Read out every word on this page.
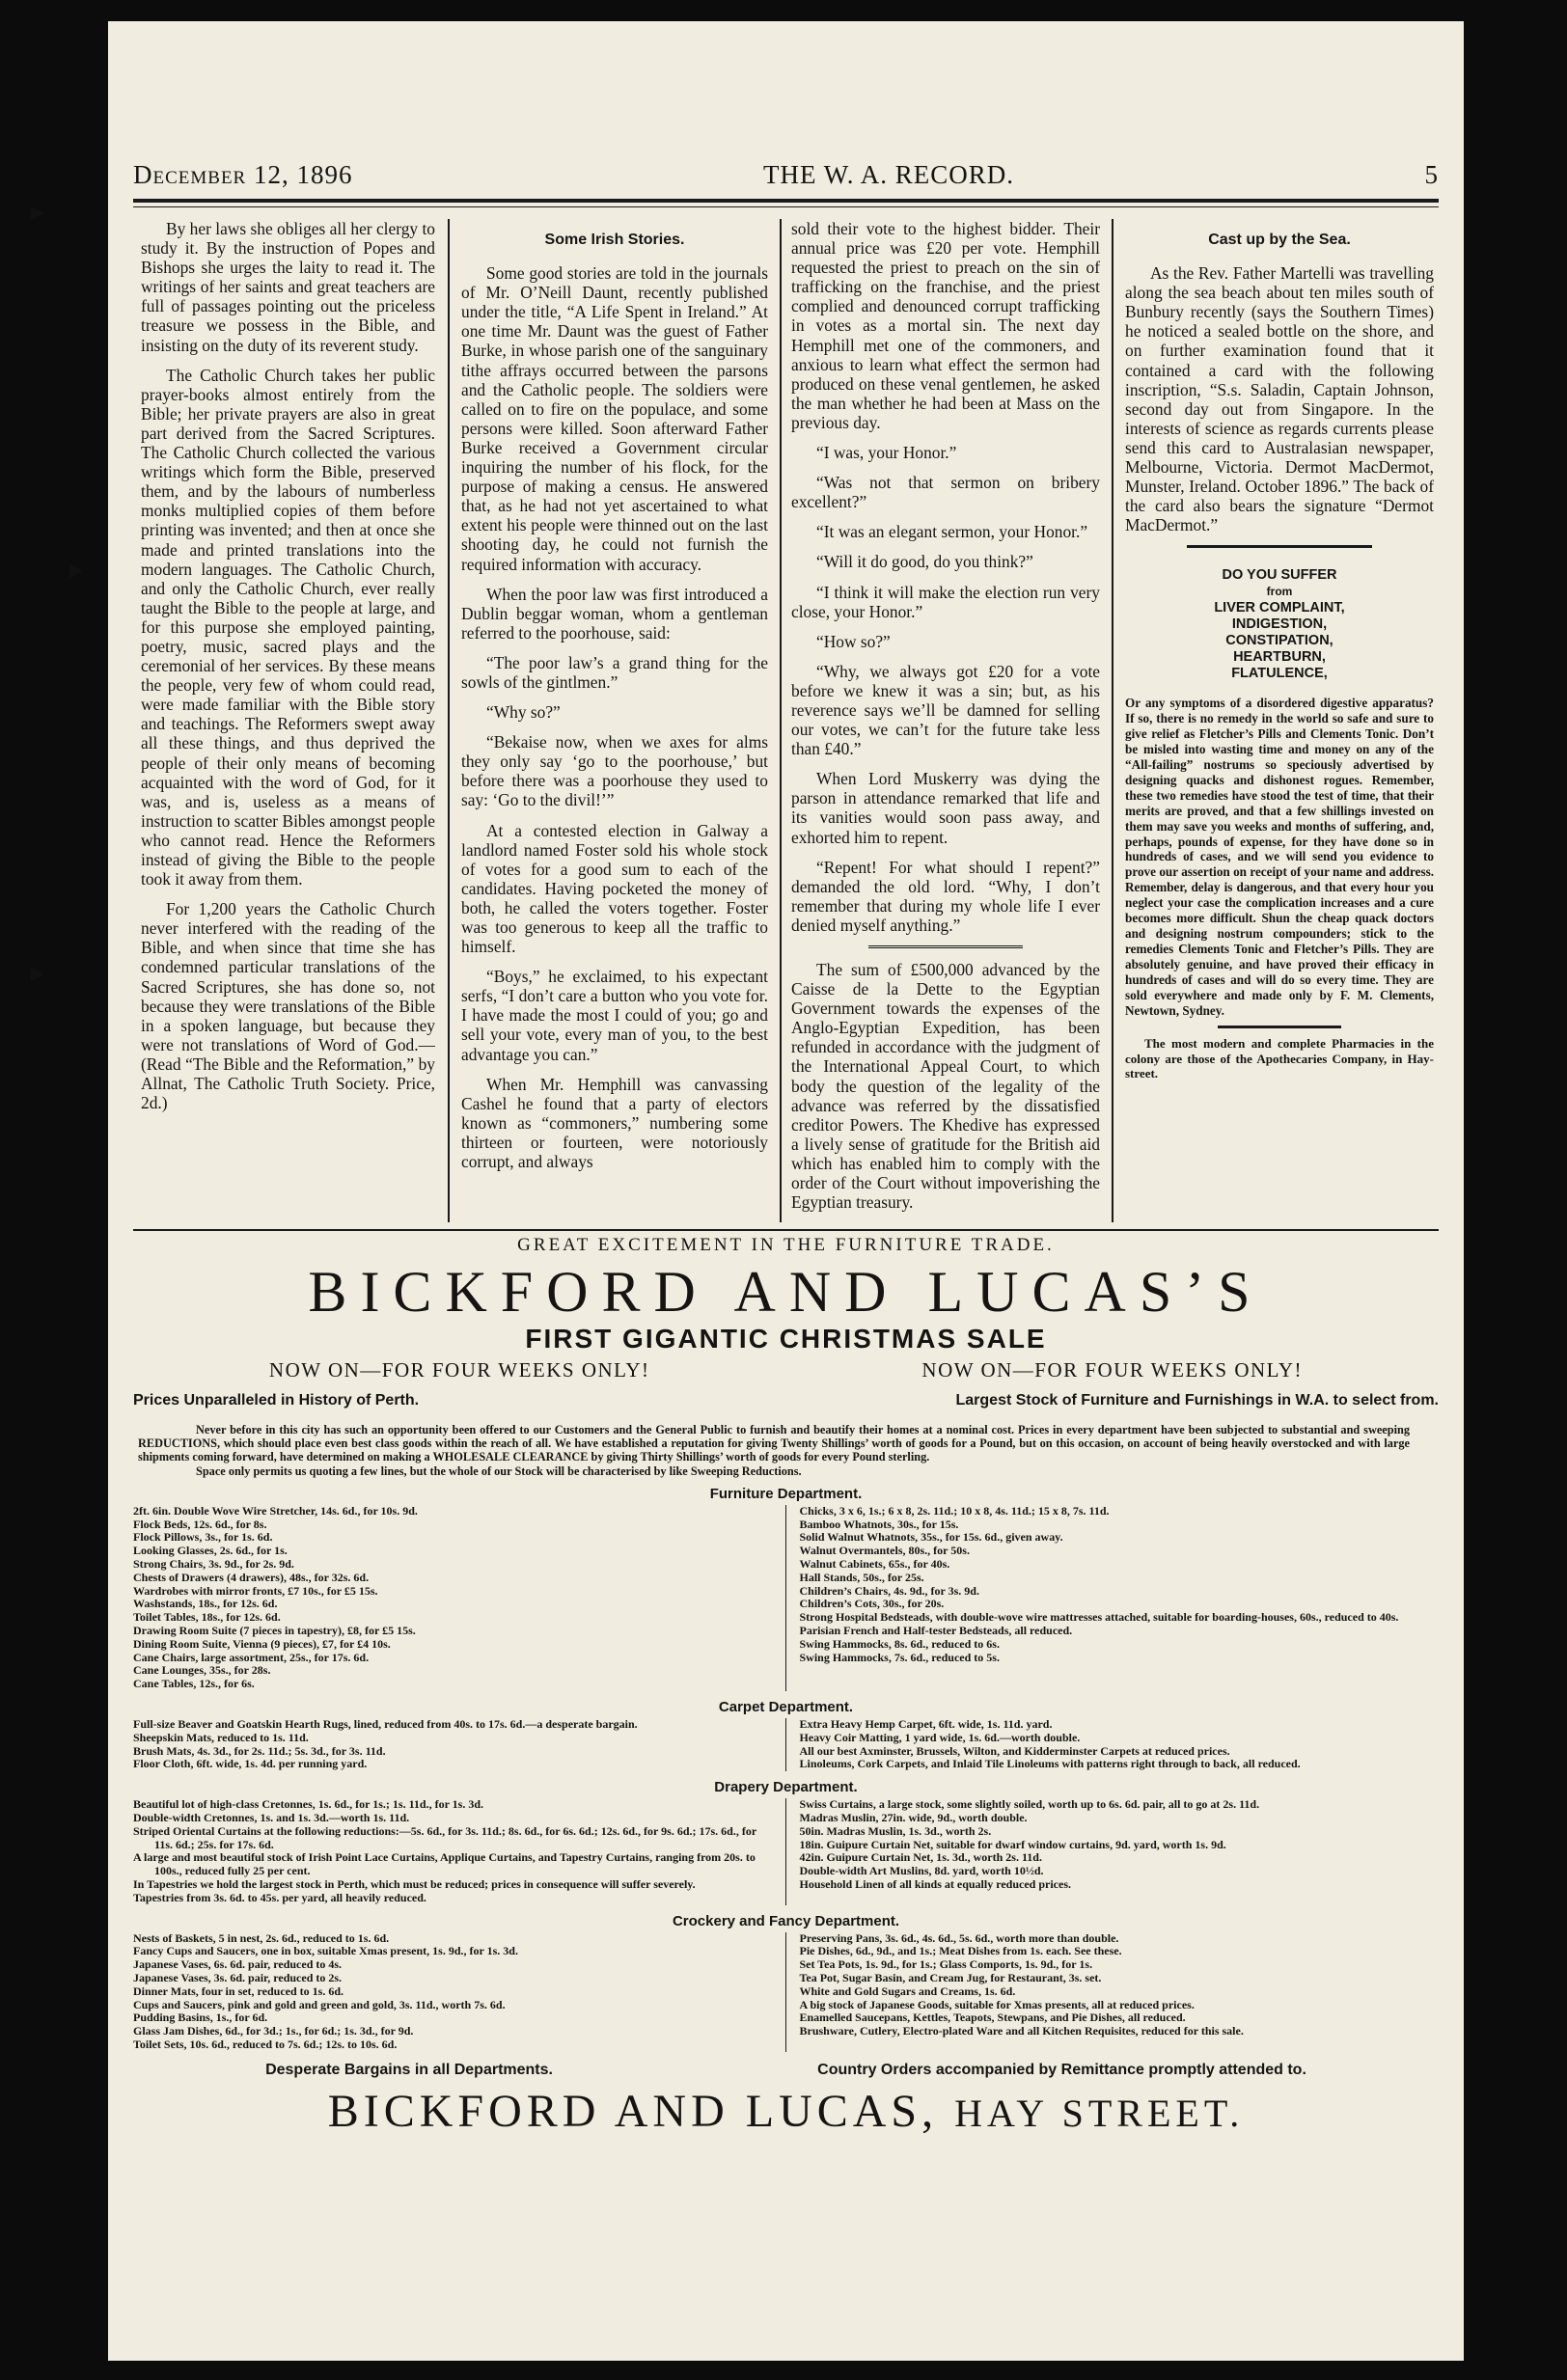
December 12, 1896	THE W. A. RECORD.	5

By her laws she obliges all her clergy to study it. By the instruction of Popes and Bishops she urges the laity to read it. The writings of her saints and great teachers are full of passages pointing out the priceless treasure we possess in the Bible, and insisting on the duty of its reverent study.

The Catholic Church takes her public prayer-books almost entirely from the Bible; her private prayers are also in great part derived from the Sacred Scriptures. The Catholic Church collected the various writings which form the Bible, preserved them, and by the labours of numberless monks multiplied copies of them before printing was invented; and then at once she made and printed translations into the modern languages. The Catholic Church, and only the Catholic Church, ever really taught the Bible to the people at large, and for this purpose she employed painting, poetry, music, sacred plays and the ceremonial of her services. By these means the people, very few of whom could read, were made familiar with the Bible story and teachings. The Reformers swept away all these things, and thus deprived the people of their only means of becoming acquainted with the word of God, for it was, and is, useless as a means of instruction to scatter Bibles amongst people who cannot read. Hence the Reformers instead of giving the Bible to the people took it away from them.

For 1,200 years the Catholic Church never interfered with the reading of the Bible, and when since that time she has condemned particular translations of the Sacred Scriptures, she has done so, not because they were translations of the Bible in a spoken language, but because they were not translations of Word of God.—(Read “The Bible and the Reformation,” by Allnat, The Catholic Truth Society. Price, 2d.)

Some Irish Stories.

Some good stories are told in the journals of Mr. O’Neill Daunt, recently published under the title, “A Life Spent in Ireland.” At one time Mr. Daunt was the guest of Father Burke, in whose parish one of the sanguinary tithe affrays occurred between the parsons and the Catholic people. The soldiers were called on to fire on the populace, and some persons were killed. Soon afterward Father Burke received a Government circular inquiring the number of his flock, for the purpose of making a census. He answered that, as he had not yet ascertained to what extent his people were thinned out on the last shooting day, he could not furnish the required information with accuracy.

When the poor law was first introduced a Dublin beggar woman, whom a gentleman referred to the poorhouse, said:

“The poor law’s a grand thing for the sowls of the gintlmen.”

“Why so?”

“Bekaise now, when we axes for alms they only say ‘go to the poorhouse,’ but before there was a poorhouse they used to say: ‘Go to the divil!’”

At a contested election in Galway a landlord named Foster sold his whole stock of votes for a good sum to each of the candidates. Having pocketed the money of both, he called the voters together. Foster was too generous to keep all the traffic to himself.

“Boys,” he exclaimed, to his expectant serfs, “I don’t care a button who you vote for. I have made the most I could of you; go and sell your vote, every man of you, to the best advantage you can.”

When Mr. Hemphill was canvassing Cashel he found that a party of electors known as “commoners,” numbering some thirteen or fourteen, were notoriously corrupt, and always

sold their vote to the highest bidder. Their annual price was £20 per vote. Hemphill requested the priest to preach on the sin of trafficking on the franchise, and the priest complied and denounced corrupt trafficking in votes as a mortal sin. The next day Hemphill met one of the commoners, and anxious to learn what effect the sermon had produced on these venal gentlemen, he asked the man whether he had been at Mass on the previous day.

“I was, your Honor.”

“Was not that sermon on bribery excellent?”

“It was an elegant sermon, your Honor.”

“Will it do good, do you think?”

“I think it will make the election run very close, your Honor.”

“How so?”

“Why, we always got £20 for a vote before we knew it was a sin; but, as his reverence says we’ll be damned for selling our votes, we can’t for the future take less than £40.”

When Lord Muskerry was dying the parson in attendance remarked that life and its vanities would soon pass away, and exhorted him to repent.

“Repent! For what should I repent?” demanded the old lord. “Why, I don’t remember that during my whole life I ever denied myself anything.”

The sum of £500,000 advanced by the Caisse de la Dette to the Egyptian Government towards the expenses of the Anglo-Egyptian Expedition, has been refunded in accordance with the judgment of the International Appeal Court, to which body the question of the legality of the advance was referred by the dissatisfied creditor Powers. The Khedive has expressed a lively sense of gratitude for the British aid which has enabled him to comply with the order of the Court without impoverishing the Egyptian treasury.

Cast up by the Sea.

As the Rev. Father Martelli was travelling along the sea beach about ten miles south of Bunbury recently (says the Southern Times) he noticed a sealed bottle on the shore, and on further examination found that it contained a card with the following inscription, “S.s. Saladin, Captain Johnson, second day out from Singapore. In the interests of science as regards currents please send this card to Australasian newspaper, Melbourne, Victoria. Dermot MacDermot, Munster, Ireland. October 1896.” The back of the card also bears the signature “Dermot MacDermot.”

DO YOU SUFFER
from
LIVER COMPLAINT,
INDIGESTION,
CONSTIPATION,
HEARTBURN,
FLATULENCE,
Or any symptoms of a disordered digestive apparatus? If so, there is no remedy in the world so safe and sure to give relief as Fletcher’s Pills and Clements Tonic. Don’t be misled into wasting time and money on any of the “All-failing” nostrums so speciously advertised by designing quacks and dishonest rogues. Remember, these two remedies have stood the test of time, that their merits are proved, and that a few shillings invested on them may save you weeks and months of suffering, and, perhaps, pounds of expense, for they have done so in hundreds of cases, and we will send you evidence to prove our assertion on receipt of your name and address. Remember, delay is dangerous, and that every hour you neglect your case the complication increases and a cure becomes more difficult. Shun the cheap quack doctors and designing nostrum compounders; stick to the remedies Clements Tonic and Fletcher’s Pills. They are absolutely genuine, and have proved their efficacy in hundreds of cases and will do so every time. They are sold everywhere and made only by F. M. Clements, Newtown, Sydney.
The most modern and complete Pharmacies in the colony are those of the Apothecaries Company, in Hay-street.
GREAT EXCITEMENT IN THE FURNITURE TRADE.
BICKFORD AND LUCAS’S
FIRST GIGANTIC CHRISTMAS SALE
NOW ON—FOR FOUR WEEKS ONLY!	NOW ON—FOR FOUR WEEKS ONLY!
Prices Unparalleled in History of Perth.	Largest Stock of Furniture and Furnishings in W.A. to select from.
Never before in this city has such an opportunity been offered to our Customers and the General Public to furnish and beautify their homes at a nominal cost. Prices in every department have been subjected to substantial and sweeping REDUCTIONS, which should place even best class goods within the reach of all. We have established a reputation for giving Twenty Shillings’ worth of goods for a Pound, but on this occasion, on account of being heavily overstocked and with large shipments coming forward, have determined on making a WHOLESALE CLEARANCE by giving Thirty Shillings’ worth of goods for every Pound sterling.
Space only permits us quoting a few lines, but the whole of our Stock will be characterised by like Sweeping Reductions.
Furniture Department.
2ft. 6in. Double Wove Wire Stretcher, 14s. 6d., for 10s. 9d.
Flock Beds, 12s. 6d., for 8s.
Flock Pillows, 3s., for 1s. 6d.
Looking Glasses, 2s. 6d., for 1s.
Strong Chairs, 3s. 9d., for 2s. 9d.
Chests of Drawers (4 drawers), 48s., for 32s. 6d.
Wardrobes with mirror fronts, £7 10s., for £5 15s.
Washstands, 18s., for 12s. 6d.
Toilet Tables, 18s., for 12s. 6d.
Drawing Room Suite (7 pieces in tapestry), £8, for £5 15s.
Dining Room Suite, Vienna (9 pieces), £7, for £4 10s.
Cane Chairs, large assortment, 25s., for 17s. 6d.
Cane Lounges, 35s., for 28s.
Cane Tables, 12s., for 6s.
Chicks, 3 x 6, 1s.; 6 x 8, 2s. 11d.; 10 x 8, 4s. 11d.; 15 x 8, 7s. 11d.
Bamboo Whatnots, 30s., for 15s.
Solid Walnut Whatnots, 35s., for 15s. 6d., given away.
Walnut Overmantels, 80s., for 50s.
Walnut Cabinets, 65s., for 40s.
Hall Stands, 50s., for 25s.
Children’s Chairs, 4s. 9d., for 3s. 9d.
Children’s Cots, 30s., for 20s.
Strong Hospital Bedsteads, with double-wove wire mattresses attached, suitable for boarding-houses, 60s., reduced to 40s.
Parisian French and Half-tester Bedsteads, all reduced.
Swing Hammocks, 8s. 6d., reduced to 6s.
Swing Hammocks, 7s. 6d., reduced to 5s.
Carpet Department.
Full-size Beaver and Goatskin Hearth Rugs, lined, reduced from 40s. to 17s. 6d.—a desperate bargain.
Sheepskin Mats, reduced to 1s. 11d.
Brush Mats, 4s. 3d., for 2s. 11d.; 5s. 3d., for 3s. 11d.
Floor Cloth, 6ft. wide, 1s. 4d. per running yard.
Extra Heavy Hemp Carpet, 6ft. wide, 1s. 11d. yard.
Heavy Coir Matting, 1 yard wide, 1s. 6d.—worth double.
All our best Axminster, Brussels, Wilton, and Kidderminster Carpets at reduced prices.
Linoleums, Cork Carpets, and Inlaid Tile Linoleums with patterns right through to back, all reduced.
Drapery Department.
Beautiful lot of high-class Cretonnes, 1s. 6d., for 1s.; 1s. 11d., for 1s. 3d.
Double-width Cretonnes, 1s. and 1s. 3d.—worth 1s. 11d.
Striped Oriental Curtains at the following reductions:—5s. 6d., for 3s. 11d.; 8s. 6d., for 6s. 6d.; 12s. 6d., for 9s. 6d.; 17s. 6d., for 11s. 6d.; 25s. for 17s. 6d.
A large and most beautiful stock of Irish Point Lace Curtains, Applique Curtains, and Tapestry Curtains, ranging from 20s. to 100s., reduced fully 25 per cent.
In Tapestries we hold the largest stock in Perth, which must be reduced; prices in consequence will suffer severely.
Tapestries from 3s. 6d. to 45s. per yard, all heavily reduced.
Swiss Curtains, a large stock, some slightly soiled, worth up to 6s. 6d. pair, all to go at 2s. 11d.
Madras Muslin, 27in. wide, 9d., worth double.
50in. Madras Muslin, 1s. 3d., worth 2s.
18in. Guipure Curtain Net, suitable for dwarf window curtains, 9d. yard, worth 1s. 9d.
42in. Guipure Curtain Net, 1s. 3d., worth 2s. 11d.
Double-width Art Muslins, 8d. yard, worth 10½d.
Household Linen of all kinds at equally reduced prices.
Crockery and Fancy Department.
Nests of Baskets, 5 in nest, 2s. 6d., reduced to 1s. 6d.
Fancy Cups and Saucers, one in box, suitable Xmas present, 1s. 9d., for 1s. 3d.
Japanese Vases, 6s. 6d. pair, reduced to 4s.
Japanese Vases, 3s. 6d. pair, reduced to 2s.
Dinner Mats, four in set, reduced to 1s. 6d.
Cups and Saucers, pink and gold and green and gold, 3s. 11d., worth 7s. 6d.
Pudding Basins, 1s., for 6d.
Glass Jam Dishes, 6d., for 3d.; 1s., for 6d.; 1s. 3d., for 9d.
Toilet Sets, 10s. 6d., reduced to 7s. 6d.; 12s. to 10s. 6d.
Preserving Pans, 3s. 6d., 4s. 6d., 5s. 6d., worth more than double.
Pie Dishes, 6d., 9d., and 1s.; Meat Dishes from 1s. each. See these.
Set Tea Pots, 1s. 9d., for 1s.; Glass Comports, 1s. 9d., for 1s.
Tea Pot, Sugar Basin, and Cream Jug, for Restaurant, 3s. set.
White and Gold Sugars and Creams, 1s. 6d.
A big stock of Japanese Goods, suitable for Xmas presents, all at reduced prices.
Enamelled Saucepans, Kettles, Teapots, Stewpans, and Pie Dishes, all reduced.
Brushware, Cutlery, Electro-plated Ware and all Kitchen Requisites, reduced for this sale.
Desperate Bargains in all Departments.	Country Orders accompanied by Remittance promptly attended to.
BICKFORD AND LUCAS, HAY STREET.
